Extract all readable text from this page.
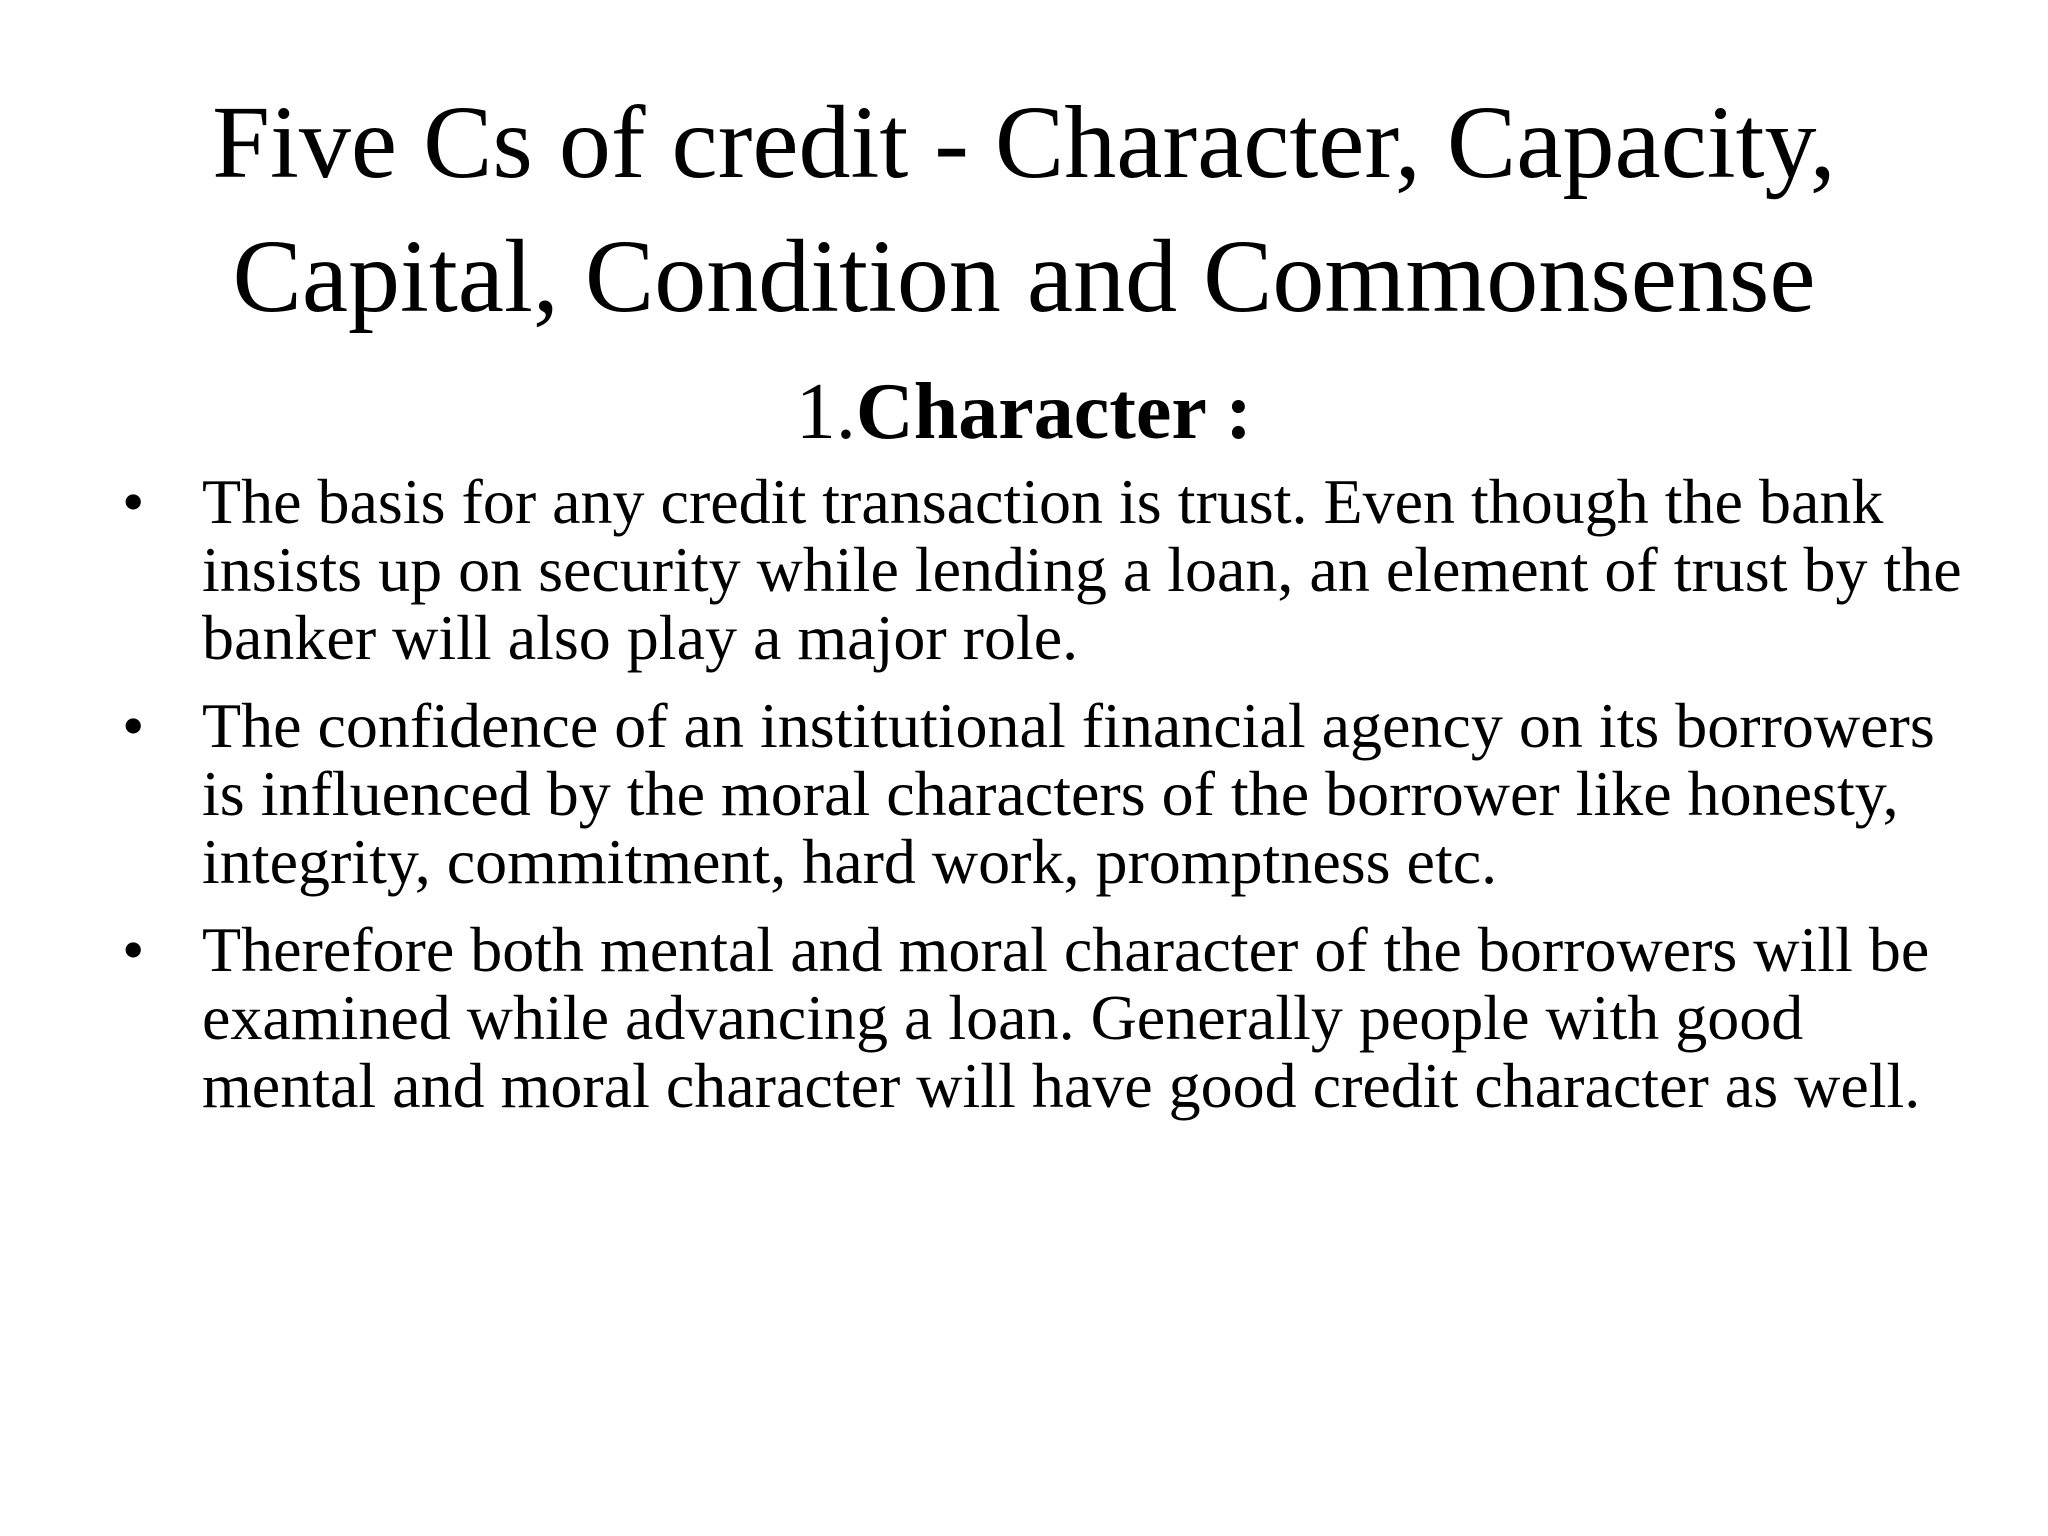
Five Cs of credit - Character, Capacity, Capital, Condition and Commonsense
1.Character :
• The basis for any credit transaction is trust. Even though the bank insists up on security while lending a loan, an element of trust by the banker will also play a major role.
• The confidence of an institutional financial agency on its borrowers is influenced by the moral characters of the borrower like honesty, integrity, commitment, hard work, promptness etc.
• Therefore both mental and moral character of the borrowers will be examined while advancing a loan. Generally people with good mental and moral character will have good credit character as well.
